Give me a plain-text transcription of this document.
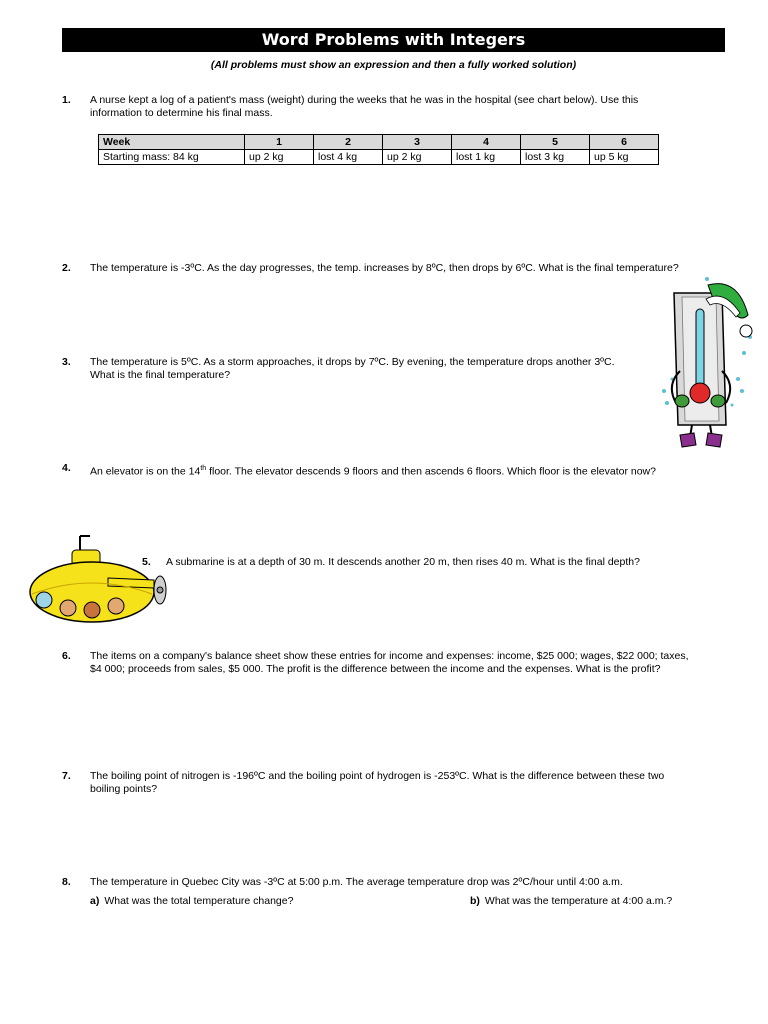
Word Problems with Integers
(All problems must show an expression and then a fully worked solution)
1. A nurse kept a log of a patient's mass (weight) during the weeks that he was in the hospital (see chart below). Use this
information to determine his final mass.
Week	1	2	3	4	5	6
Starting mass: 84 kg	up 2 kg	lost 4 kg	up 2 kg	lost 1 kg	lost 3 kg	up 5 kg
2. The temperature is -3ºC. As the day progresses, the temp. increases by 8ºC, then drops by 6ºC. What is the final temperature?
3. The temperature is 5ºC. As a storm approaches, it drops by 7ºC. By evening, the temperature drops another 3ºC.
What is the final temperature?
4. An elevator is on the 14th floor. The elevator descends 9 floors and then ascends 6 floors. Which floor is the elevator now?
5. A submarine is at a depth of 30 m. It descends another 20 m, then rises 40 m. What is the final depth?
6. The items on a company's balance sheet show these entries for income and expenses: income, $25 000; wages, $22 000; taxes,
$4 000; proceeds from sales, $5 000. The profit is the difference between the income and the expenses. What is the profit?
7. The boiling point of nitrogen is -196ºC and the boiling point of hydrogen is -253ºC. What is the difference between these two
boiling points?
8. The temperature in Quebec City was -3ºC at 5:00 p.m. The average temperature drop was 2ºC/hour until 4:00 a.m.
a) What was the total temperature change?	b) What was the temperature at 4:00 a.m.?
